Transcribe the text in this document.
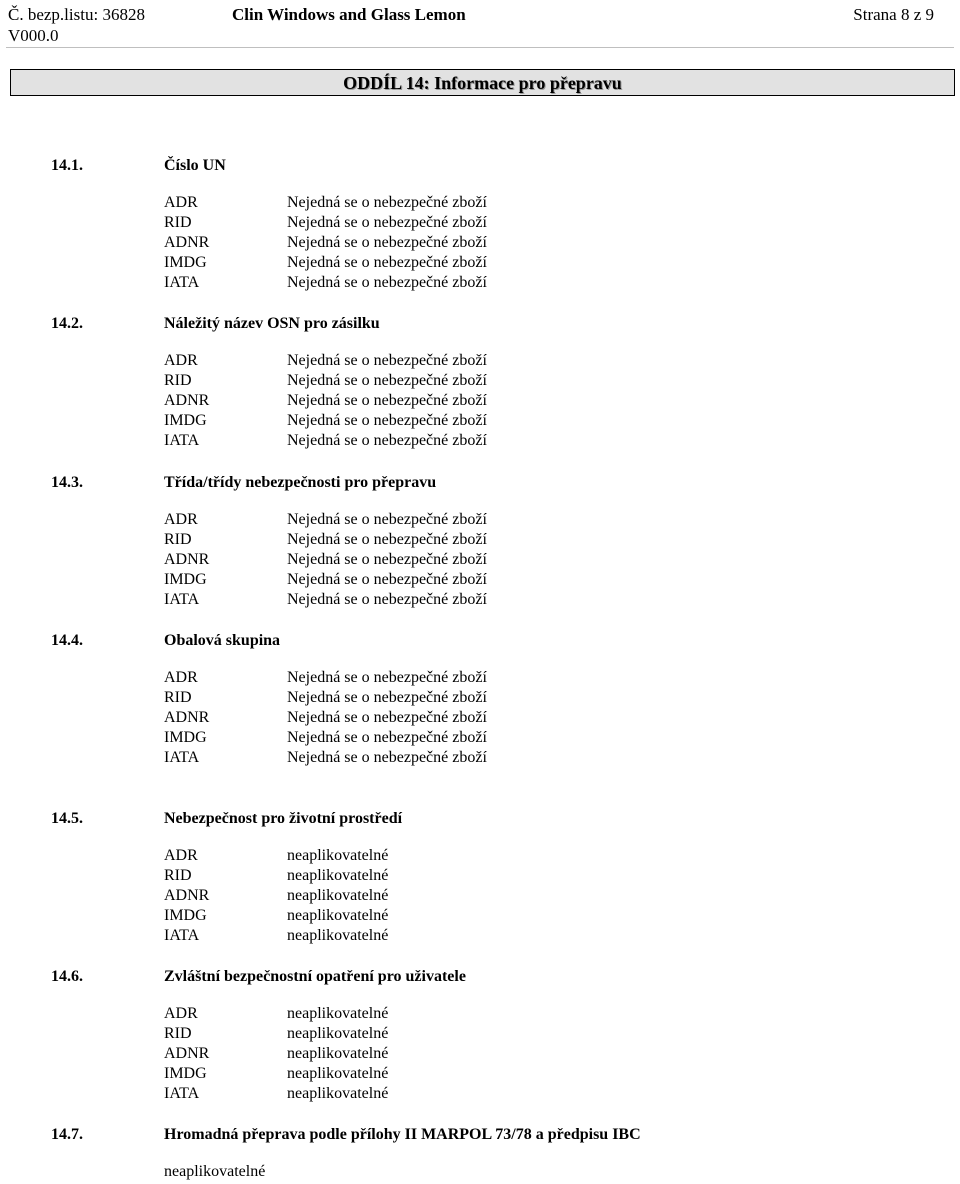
Č. bezp.listu: 36828
V000.0
Clin Windows and Glass Lemon	Strana 8 z 9
ODDÍL 14: Informace pro přepravu
14.1.	Číslo UN
ADR	Nejedná se o nebezpečné zboží
RID	Nejedná se o nebezpečné zboží
ADNR	Nejedná se o nebezpečné zboží
IMDG	Nejedná se o nebezpečné zboží
IATA	Nejedná se o nebezpečné zboží
14.2.	Náležitý název OSN pro zásilku
ADR	Nejedná se o nebezpečné zboží
RID	Nejedná se o nebezpečné zboží
ADNR	Nejedná se o nebezpečné zboží
IMDG	Nejedná se o nebezpečné zboží
IATA	Nejedná se o nebezpečné zboží
14.3.	Třída/třídy nebezpečnosti pro přepravu
ADR	Nejedná se o nebezpečné zboží
RID	Nejedná se o nebezpečné zboží
ADNR	Nejedná se o nebezpečné zboží
IMDG	Nejedná se o nebezpečné zboží
IATA	Nejedná se o nebezpečné zboží
14.4.	Obalová skupina
ADR	Nejedná se o nebezpečné zboží
RID	Nejedná se o nebezpečné zboží
ADNR	Nejedná se o nebezpečné zboží
IMDG	Nejedná se o nebezpečné zboží
IATA	Nejedná se o nebezpečné zboží
14.5.	Nebezpečnost pro životní prostředí
ADR	neaplikovatelné
RID	neaplikovatelné
ADNR	neaplikovatelné
IMDG	neaplikovatelné
IATA	neaplikovatelné
14.6.	Zvláštní bezpečnostní opatření pro uživatele
ADR	neaplikovatelné
RID	neaplikovatelné
ADNR	neaplikovatelné
IMDG	neaplikovatelné
IATA	neaplikovatelné
14.7.	Hromadná přeprava podle přílohy II MARPOL 73/78 a předpisu IBC
neaplikovatelné
